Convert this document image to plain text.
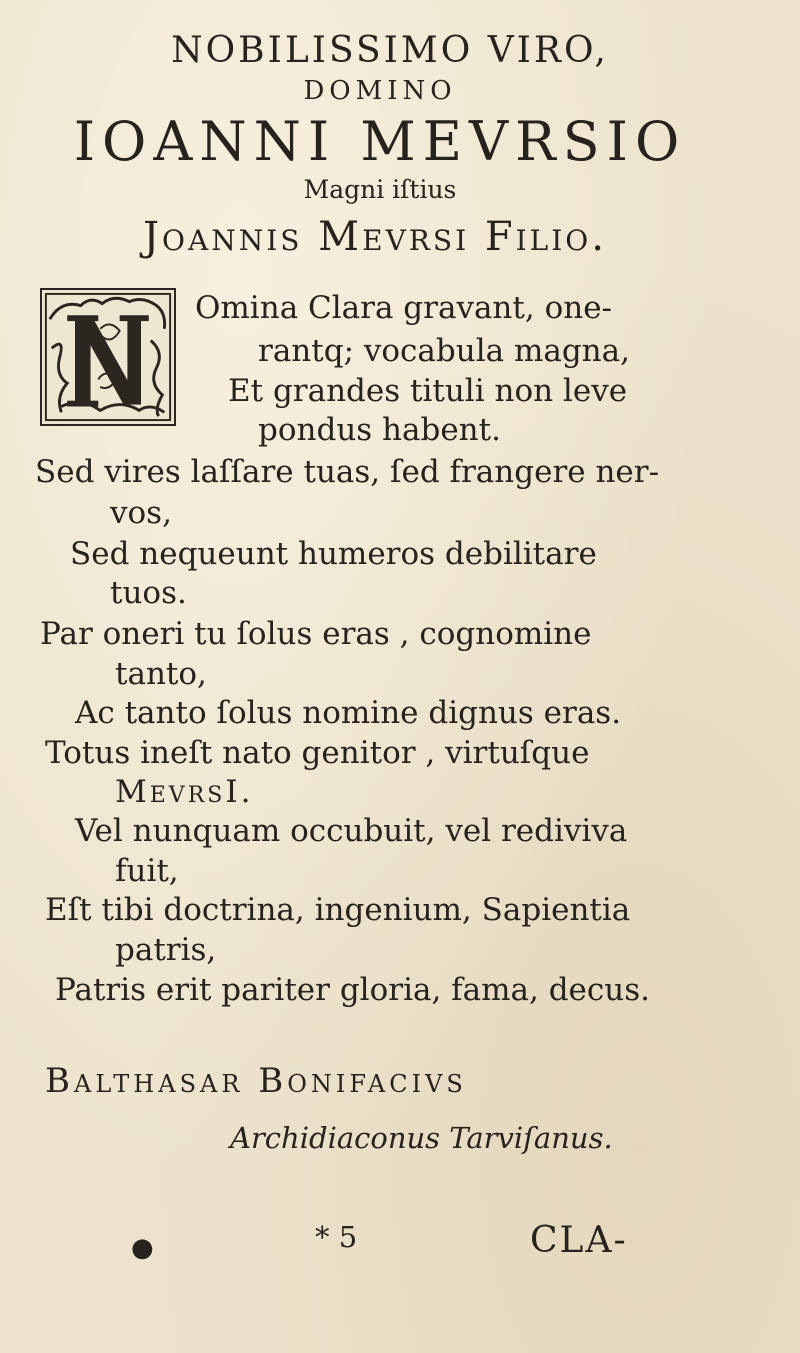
NOBILISSIMO VIRO,
DOMINO
IOANNI MEVRSIO
Magni iſtius
Joannis Mevrsi Filio.
Omina Clara gravant, one-
rantq; vocabula magna,
Et grandes tituli non leve
pondus habent.
Sed vires laſſare tuas, ſed frangere ner-
vos,
Sed nequeunt humeros debilitare
tuos.
Par oneri tu ſolus eras , cognomine
tanto,
Ac tanto ſolus nomine dignus eras.
Totus ineſt nato genitor , virtuſque
MevrsI.
Vel nunquam occubuit, vel rediviva
fuit,
Eſt tibi doctrina, ingenium, Sapientia
patris,
Patris erit pariter gloria, fama, decus.
Balthasar Bonifacivs
Archidiaconus Tarviſanus.
●	* 5	CLA-
